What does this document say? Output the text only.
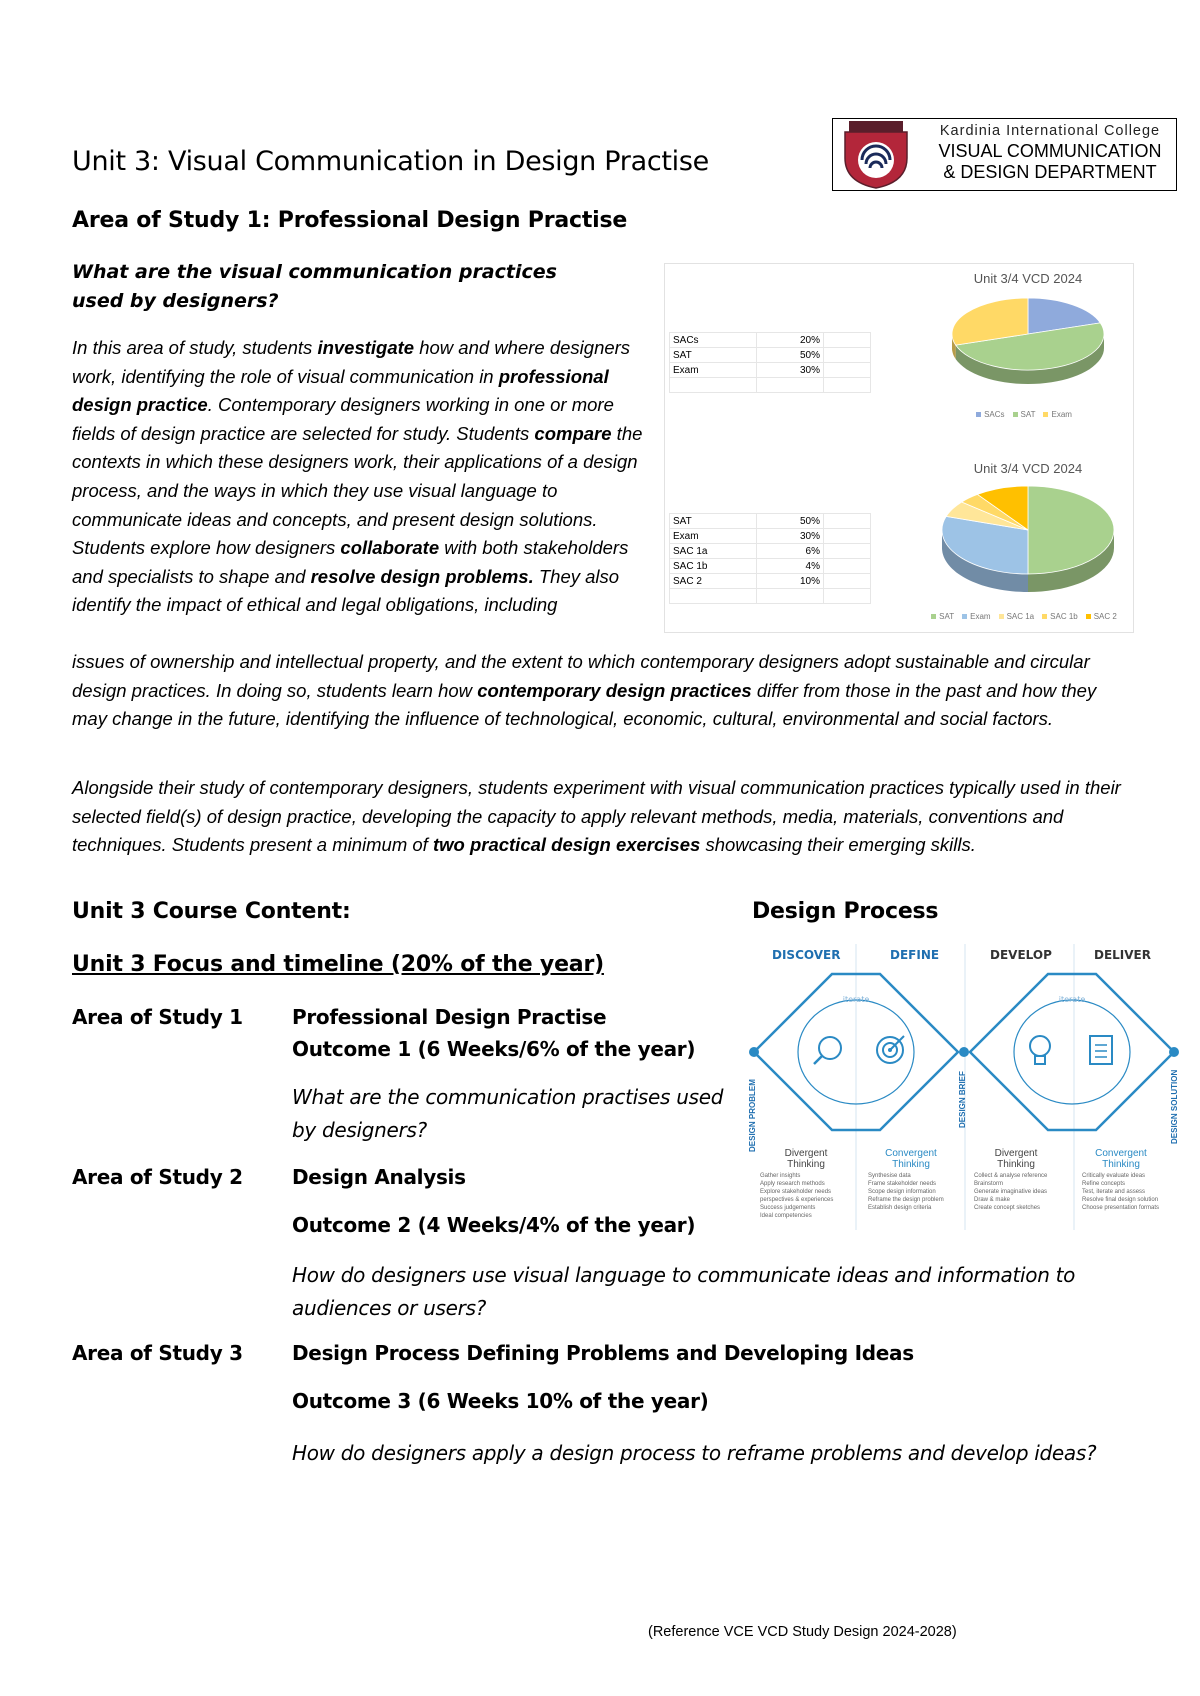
Unit 3: Visual Communication in Design Practise
Kardinia International College
VISUAL COMMUNICATION
& DESIGN DEPARTMENT
Area of Study 1: Professional Design Practise
What are the visual communication practices used by designers?
In this area of study, students investigate how and where designers work, identifying the role of visual communication in professional design practice. Contemporary designers working in one or more fields of design practice are selected for study. Students compare the contexts in which these designers work, their applications of a design process, and the ways in which they use visual language to communicate ideas and concepts, and present design solutions. Students explore how designers collaborate with both stakeholders and specialists to shape and resolve design problems. They also identify the impact of ethical and legal obligations, including
issues of ownership and intellectual property, and the extent to which contemporary designers adopt sustainable and circular design practices. In doing so, students learn how contemporary design practices differ from those in the past and how they may change in the future, identifying the influence of technological, economic, cultural, environmental and social factors.
Alongside their study of contemporary designers, students experiment with visual communication practices typically used in their selected field(s) of design practice, developing the capacity to apply relevant methods, media, materials, conventions and techniques. Students present a minimum of two practical design exercises showcasing their emerging skills.
SACs	20%	
SAT	50%	
Exam	30%	

SAT	50%	
Exam	30%	
SAC 1a	6%	
SAC 1b	4%	
SAC 2	10%	

Unit 3/4 VCD 2024
SACs SAT Exam
Unit 3/4 VCD 2024
SAT Exam SAC 1a SAC 1b SAC 2
Unit 3 Course Content:	Design Process
Unit 3 Focus and timeline (20% of the year)
Area of Study 1 Professional Design Practise
Outcome 1 (6 Weeks/6% of the year)
What are the communication practises used by designers?
Area of Study 2 Design Analysis
Outcome 2 (4 Weeks/4% of the year)
How do designers use visual language to communicate ideas and information to audiences or users?
Area of Study 3 Design Process Defining Problems and Developing Ideas
Outcome 3 (6 Weeks 10% of the year)
How do designers apply a design process to reframe problems and develop ideas?
iterate	iterate
DISCOVER	DEFINE	DEVELOP	DELIVER
DESIGN PROBLEM	DESIGN BRIEF	DESIGN SOLUTION
Divergent Thinking
Convergent Thinking
Divergent Thinking
Convergent Thinking
Gather insights
Apply research methods
Explore stakeholder needs
perspectives & experiences
Success judgements
Ideal competencies
Synthesise data
Frame stakeholder needs
Scope design information
Reframe the design problem
Establish design criteria
Collect & analyse reference
Brainstorm
Generate imaginative ideas
Draw & make
Create concept sketches
Critically evaluate ideas
Refine concepts
Test, iterate and assess
Resolve final design solution
Choose presentation formats
(Reference VCE VCD Study Design 2024-2028)
